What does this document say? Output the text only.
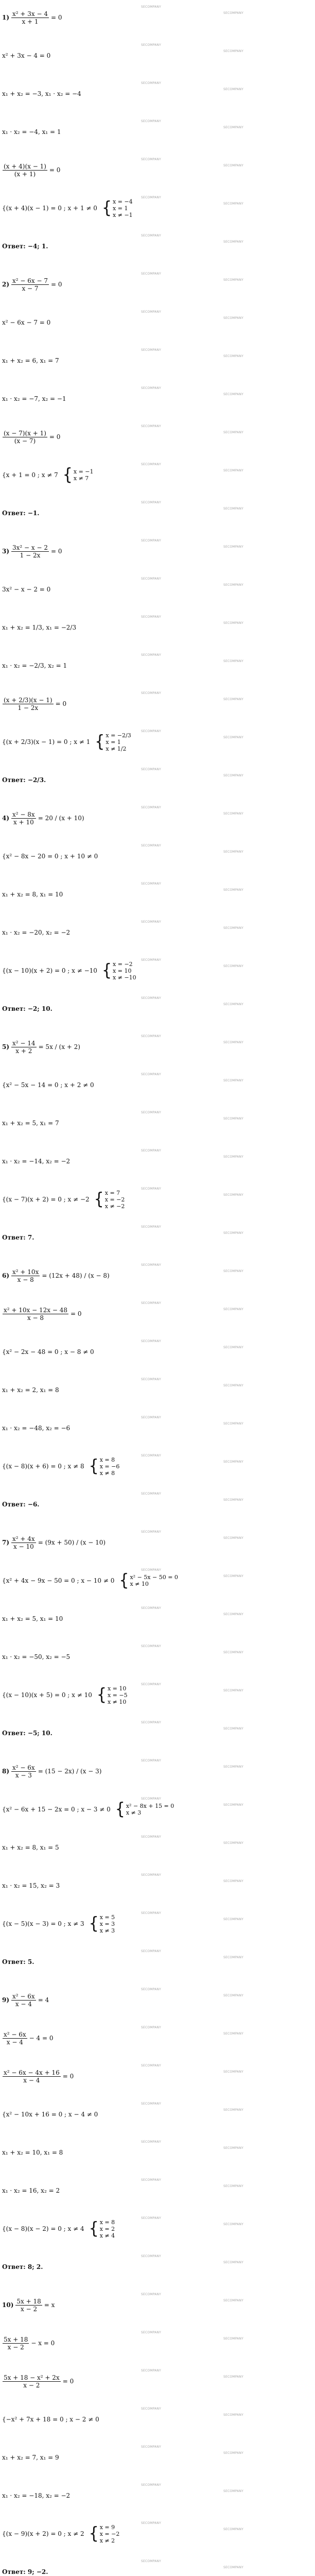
SECOMPANY
SECOMPANY
$1) \frac{\text{x² + 3x − 4}}{x + 1} = 0$
SECOMPANY
SECOMPANY
x² + 3x − 4 = 0
SECOMPANY
SECOMPANY
x₁ + x₂ = −3, x₁ · x₂ = −4
SECOMPANY
SECOMPANY
x₁ · x₂ = −4, x₁ = 1
SECOMPANY
SECOMPANY
$\frac{(x + 4)(x - 1)}{(x + 1)} = 0$
SECOMPANY
SECOMPANY
{(x + 4)(x − 1) = 0 ; x + 1 ≠ 0 { x = −4
x = 1
x ≠ −1
SECOMPANY
SECOMPANY
Ответ: −4; 1.
SECOMPANY
SECOMPANY
$2) \frac{\text{x² − 6x − 7}}{x - 7} = 0$
SECOMPANY
SECOMPANY
x² − 6x − 7 = 0
SECOMPANY
SECOMPANY
x₁ + x₂ = 6, x₁ = 7
SECOMPANY
SECOMPANY
x₁ · x₂ = −7, x₂ = −1
SECOMPANY
SECOMPANY
$\frac{(x - 7)(x + 1)}{(x - 7)} = 0$
SECOMPANY
SECOMPANY
{x + 1 = 0 ; x ≠ 7 { x = −1
x ≠ 7
SECOMPANY
SECOMPANY
Ответ: −1.
SECOMPANY
SECOMPANY
$3) \frac{\text{3x² − x − 2}}{1 - 2x} = 0$
SECOMPANY
SECOMPANY
3x² − x − 2 = 0
SECOMPANY
SECOMPANY
x₁ + x₂ = 1/3, x₁ = −2/3
SECOMPANY
SECOMPANY
x₁ · x₂ = −2/3, x₂ = 1
SECOMPANY
SECOMPANY
$\frac{(x + 2/3)(x - 1)}{1 - 2x} = 0$
SECOMPANY
SECOMPANY
{(x + 2/3)(x − 1) = 0 ; x ≠ 1 { x = −2/3
x = 1
x ≠ 1/2
SECOMPANY
SECOMPANY
Ответ: −2/3.
SECOMPANY
SECOMPANY
$4) \frac{\text{x² − 8x}}{x + 10} = 20 / (x + 10)$
SECOMPANY
SECOMPANY
{x² − 8x − 20 = 0 ; x + 10 ≠ 0
SECOMPANY
SECOMPANY
x₁ + x₂ = 8, x₁ = 10
SECOMPANY
SECOMPANY
x₁ · x₂ = −20, x₂ = −2
SECOMPANY
SECOMPANY
{(x − 10)(x + 2) = 0 ; x ≠ −10 { x = −2
x = 10
x ≠ −10
SECOMPANY
SECOMPANY
Ответ: −2; 10.
SECOMPANY
SECOMPANY
$5) \frac{\text{x² − 14}}{x + 2} = 5x / (x + 2)$
SECOMPANY
SECOMPANY
{x² − 5x − 14 = 0 ; x + 2 ≠ 0
SECOMPANY
SECOMPANY
x₁ + x₂ = 5, x₁ = 7
SECOMPANY
SECOMPANY
x₁ · x₂ = −14, x₂ = −2
SECOMPANY
SECOMPANY
{(x − 7)(x + 2) = 0 ; x ≠ −2 { x = 7
x = −2
x ≠ −2
SECOMPANY
SECOMPANY
Ответ: 7.
SECOMPANY
SECOMPANY
$6) \frac{\text{x² + 10x}}{x - 8} = (12x + 48) / (x - 8)$
SECOMPANY
SECOMPANY
$\frac{\text{x² + 10x − 12x − 48}}{x - 8} = 0$
SECOMPANY
SECOMPANY
{x² − 2x − 48 = 0 ; x − 8 ≠ 0
SECOMPANY
SECOMPANY
x₁ + x₂ = 2, x₁ = 8
SECOMPANY
SECOMPANY
x₁ · x₂ = −48, x₂ = −6
SECOMPANY
SECOMPANY
{(x − 8)(x + 6) = 0 ; x ≠ 8 { x = 8
x = −6
x ≠ 8
SECOMPANY
SECOMPANY
Ответ: −6.
SECOMPANY
SECOMPANY
$7) \frac{\text{x² + 4x}}{x - 10} = (9x + 50) / (x - 10)$
SECOMPANY
SECOMPANY
{x² + 4x − 9x − 50 = 0 ; x − 10 ≠ 0 { x² − 5x − 50 = 0
x ≠ 10
SECOMPANY
SECOMPANY
x₁ + x₂ = 5, x₁ = 10
SECOMPANY
SECOMPANY
x₁ · x₂ = −50, x₂ = −5
SECOMPANY
SECOMPANY
{(x − 10)(x + 5) = 0 ; x ≠ 10 { x = 10
x = −5
x ≠ 10
SECOMPANY
SECOMPANY
Ответ: −5; 10.
SECOMPANY
SECOMPANY
$8) \frac{\text{x² − 6x}}{x - 3} = (15 - 2x) / (x - 3)$
SECOMPANY
SECOMPANY
{x² − 6x + 15 − 2x = 0 ; x − 3 ≠ 0 { x² − 8x + 15 = 0
x ≠ 3
SECOMPANY
SECOMPANY
x₁ + x₂ = 8, x₁ = 5
SECOMPANY
SECOMPANY
x₁ · x₂ = 15, x₂ = 3
SECOMPANY
SECOMPANY
{(x − 5)(x − 3) = 0 ; x ≠ 3 { x = 5
x = 3
x ≠ 3
SECOMPANY
SECOMPANY
Ответ: 5.
SECOMPANY
SECOMPANY
$9) \frac{\text{x² − 6x}}{x - 4} = 4$
SECOMPANY
SECOMPANY
$\frac{\text{x² − 6x}}{x - 4} - 4 = 0$
SECOMPANY
SECOMPANY
$\frac{\text{x² − 6x − 4x + 16}}{x - 4} = 0$
SECOMPANY
SECOMPANY
{x² − 10x + 16 = 0 ; x − 4 ≠ 0
SECOMPANY
SECOMPANY
x₁ + x₂ = 10, x₁ = 8
SECOMPANY
SECOMPANY
x₁ · x₂ = 16, x₂ = 2
SECOMPANY
SECOMPANY
{(x − 8)(x − 2) = 0 ; x ≠ 4 { x = 8
x = 2
x ≠ 4
SECOMPANY
SECOMPANY
Ответ: 8; 2.
SECOMPANY
SECOMPANY
$10) \frac{5x + 18}{x - 2} = x$
SECOMPANY
SECOMPANY
$\frac{5x + 18}{x - 2} - x = 0$
SECOMPANY
SECOMPANY
$\frac{\text{5x + 18 − x² + 2x}}{x - 2} = 0$
SECOMPANY
SECOMPANY
{−x² + 7x + 18 = 0 ; x − 2 ≠ 0
SECOMPANY
SECOMPANY
x₁ + x₂ = 7, x₁ = 9
SECOMPANY
SECOMPANY
x₁ · x₂ = −18, x₂ = −2
SECOMPANY
SECOMPANY
{(x − 9)(x + 2) = 0 ; x ≠ 2 { x = 9
x = −2
x ≠ 2
SECOMPANY
SECOMPANY
Ответ: 9; −2.
